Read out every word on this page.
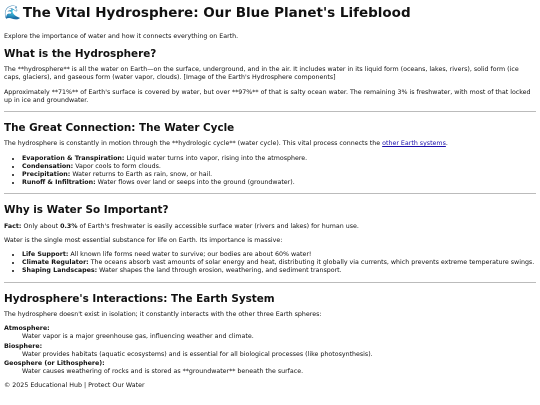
🌊 The Vital Hydrosphere: Our Blue Planet's Lifeblood

Explore the importance of water and how it connects everything on Earth.

What is the Hydrosphere?

The **hydrosphere** is all the water on Earth—on the surface, underground, and in the air. It includes water in its liquid form (oceans, lakes, rivers), solid form (ice caps, glaciers), and gaseous form (water vapor, clouds). [Image of the Earth's Hydrosphere components]

Approximately **71%** of Earth's surface is covered by water, but over **97%** of that is salty ocean water. The remaining 3% is freshwater, with most of that locked up in ice and groundwater.

The Great Connection: The Water Cycle

The hydrosphere is constantly in motion through the **hydrologic cycle** (water cycle). This vital process connects the other Earth systems.

• Evaporation & Transpiration: Liquid water turns into vapor, rising into the atmosphere.
• Condensation: Vapor cools to form clouds.
• Precipitation: Water returns to Earth as rain, snow, or hail.
• Runoff & Infiltration: Water flows over land or seeps into the ground (groundwater).
Why is Water So Important?

Fact: Only about 0.3% of Earth's freshwater is easily accessible surface water (rivers and lakes) for human use.

Water is the single most essential substance for life on Earth. Its importance is massive:

• Life Support: All known life forms need water to survive; our bodies are about 60% water!
• Climate Regulator: The oceans absorb vast amounts of solar energy and heat, distributing it globally via currents, which prevents extreme temperature swings.
• Shaping Landscapes: Water shapes the land through erosion, weathering, and sediment transport.
Hydrosphere's Interactions: The Earth System

The hydrosphere doesn't exist in isolation; it constantly interacts with the other three Earth spheres:

Atmosphere:
Water vapor is a major greenhouse gas, influencing weather and climate.
Biosphere:
Water provides habitats (aquatic ecosystems) and is essential for all biological processes (like photosynthesis).
Geosphere (or Lithosphere):
Water causes weathering of rocks and is stored as **groundwater** beneath the surface.
© 2025 Educational Hub | Protect Our Water
